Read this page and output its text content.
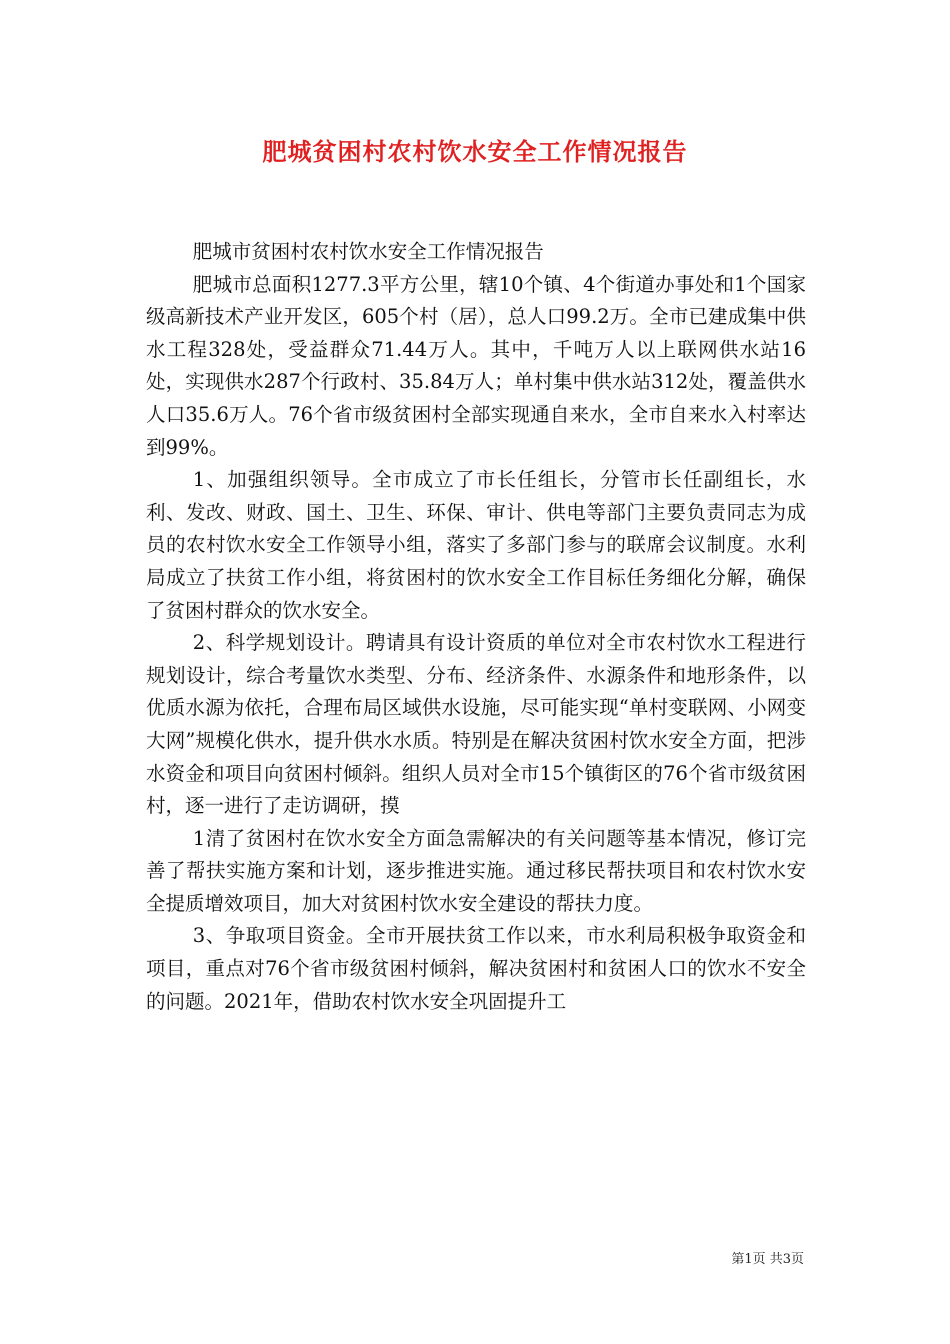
肥城贫困村农村饮水安全工作情况报告

肥城市贫困村农村饮水安全工作情况报告

肥城市总面积1277.3平方公里，辖10个镇、4个街道办事处和1个国家级高新技术产业开发区，605个村（居），总人口99.2万。全市已建成集中供水工程328处，受益群众71.44万人。其中，千吨万人以上联网供水站16处，实现供水287个行政村、35.84万人；单村集中供水站312处，覆盖供水人口35.6万人。76个省市级贫困村全部实现通自来水，全市自来水入村率达到99%。

1、加强组织领导。全市成立了市长任组长，分管市长任副组长，水利、发改、财政、国土、卫生、环保、审计、供电等部门主要负责同志为成员的农村饮水安全工作领导小组，落实了多部门参与的联席会议制度。水利局成立了扶贫工作小组，将贫困村的饮水安全工作目标任务细化分解，确保了贫困村群众的饮水安全。

2、科学规划设计。聘请具有设计资质的单位对全市农村饮水工程进行规划设计，综合考量饮水类型、分布、经济条件、水源条件和地形条件，以优质水源为依托，合理布局区域供水设施，尽可能实现“单村变联网、小网变大网”规模化供水，提升供水水质。特别是在解决贫困村饮水安全方面，把涉水资金和项目向贫困村倾斜。组织人员对全市15个镇街区的76个省市级贫困村，逐一进行了走访调研，摸

1清了贫困村在饮水安全方面急需解决的有关问题等基本情况，修订完善了帮扶实施方案和计划，逐步推进实施。通过移民帮扶项目和农村饮水安全提质增效项目，加大对贫困村饮水安全建设的帮扶力度。

3、争取项目资金。全市开展扶贫工作以来，市水利局积极争取资金和项目，重点对76个省市级贫困村倾斜，解决贫困村和贫困人口的饮水不安全的问题。2021年，借助农村饮水安全巩固提升工

第1页 共3页
